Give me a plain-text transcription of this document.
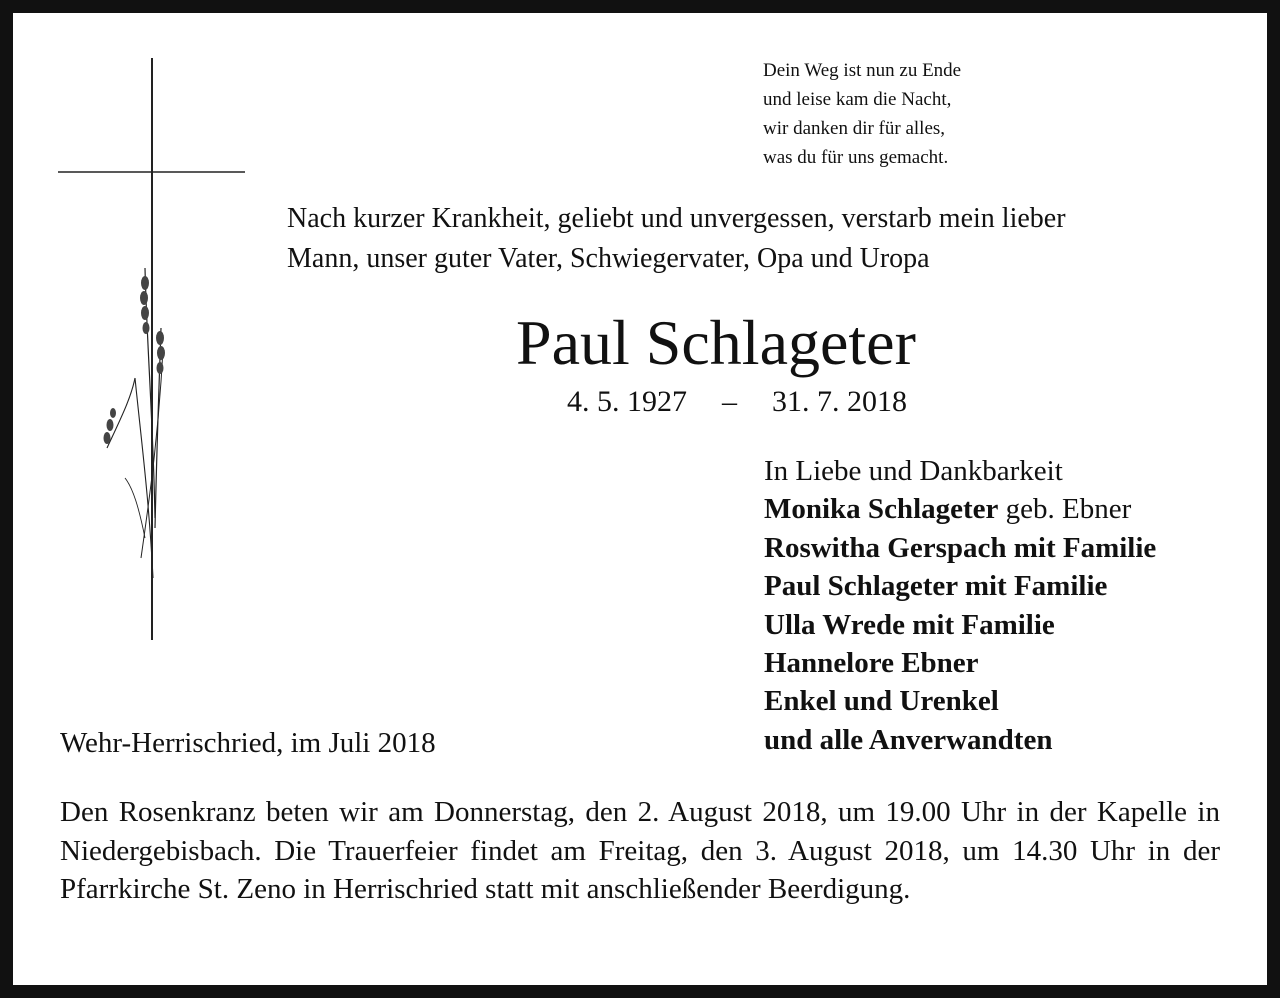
Dein Weg ist nun zu Ende
und leise kam die Nacht,
wir danken dir für alles,
was du für uns gemacht.
Nach kurzer Krankheit, geliebt und unvergessen, verstarb mein lieber
Mann, unser guter Vater, Schwiegervater, Opa und Uropa
Paul Schlageter
4. 5. 1927 – 31. 7. 2018
In Liebe und Dankbarkeit
Monika Schlageter geb. Ebner
Roswitha Gerspach mit Familie
Paul Schlageter mit Familie
Ulla Wrede mit Familie
Hannelore Ebner
Enkel und Urenkel
und alle Anverwandten
Wehr-Herrischried, im Juli 2018
Den Rosenkranz beten wir am Donnerstag, den 2. August 2018, um 19.00 Uhr in der Kapelle in Niedergebisbach. Die Trauerfeier findet am Freitag, den 3. August 2018, um 14.30 Uhr in der Pfarrkirche St. Zeno in Herrischried statt mit anschließender Beerdigung.
